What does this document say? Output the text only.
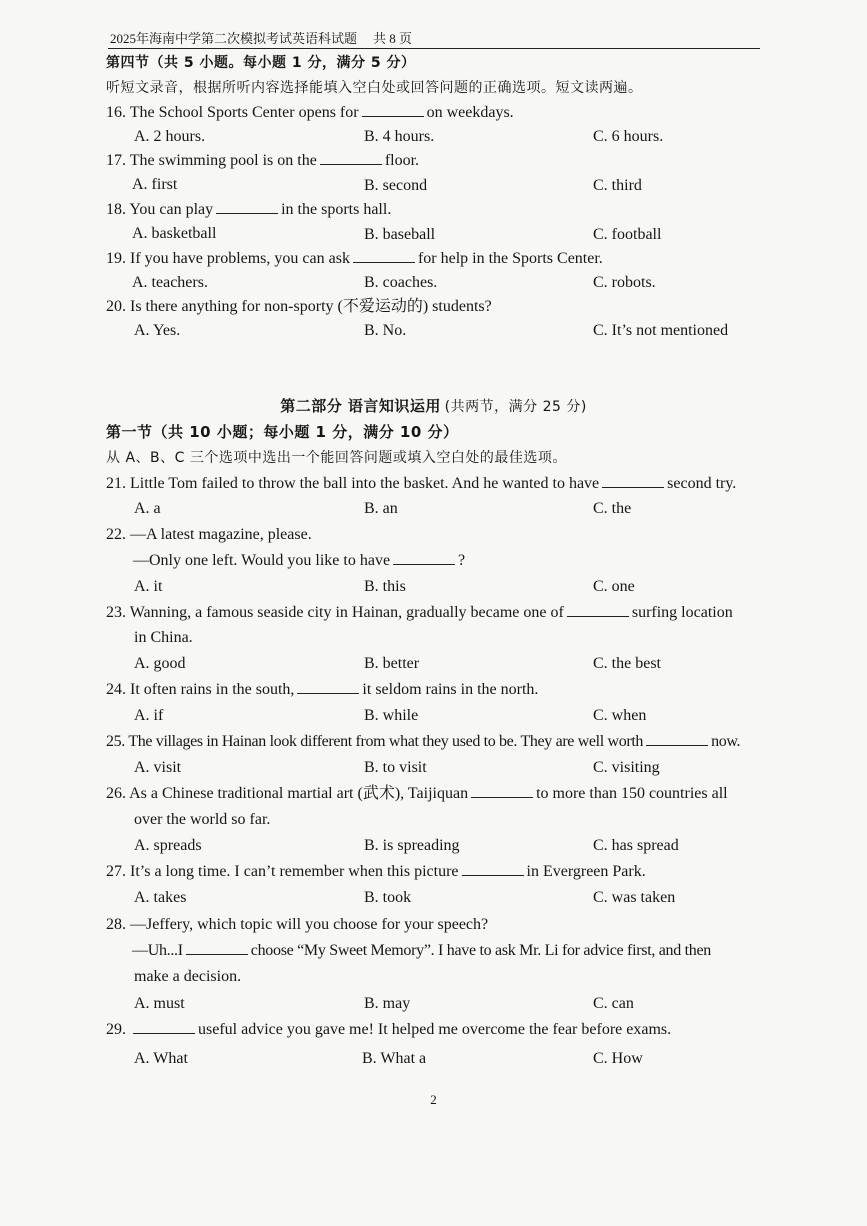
2025年海南中学第二次模拟考试英语科试题 共 8 页
第四节（共 5 小题。每小题 1 分，满分 5 分）
听短文录音，根据所听内容选择能填入空白处或回答问题的正确选项。短文读两遍。
16. The School Sports Center opens for	on weekdays.
A. 2 hours.	B. 4 hours.	C. 6 hours.
17. The swimming pool is on the	floor.
A. first	B. second	C. third
18. You can play	in the sports hall.
A. basketball	B. baseball	C. football
19. If you have problems, you can ask	for help in the Sports Center.
A. teachers.	B. coaches.	C. robots.
20. Is there anything for non-sporty (不爱运动的) students?
A. Yes.	B. No.	C. It’s not mentioned
第二部分 语言知识运用 (共两节，满分 25 分)
第一节（共 10 小题；每小题 1 分，满分 10 分）
从 A、B、C 三个选项中选出一个能回答问题或填入空白处的最佳选项。
21. Little Tom failed to throw the ball into the basket. And he wanted to have	second try.
A. a	B. an	C. the
22. —A latest magazine, please.
—Only one left. Would you like to have	?
A. it	B. this	C. one
23. Wanning, a famous seaside city in Hainan, gradually became one of	surfing location
in China.
A. good	B. better	C. the best
24. It often rains in the south,	it seldom rains in the north.
A. if	B. while	C. when
25. The villages in Hainan look different from what they used to be. They are well worth	now.
A. visit	B. to visit	C. visiting
26. As a Chinese traditional martial art (武术), Taijiquan	to more than 150 countries all
over the world so far.
A. spreads	B. is spreading	C. has spread
27. It’s a long time. I can’t remember when this picture	in Evergreen Park.
A. takes	B. took	C. was taken
28. —Jeffery, which topic will you choose for your speech?
—Uh...I	choose “My Sweet Memory”. I have to ask Mr. Li for advice first, and then
make a decision.
A. must	B. may	C. can
29.	useful advice you gave me! It helped me overcome the fear before exams.
A. What	B. What a	C. How
2
